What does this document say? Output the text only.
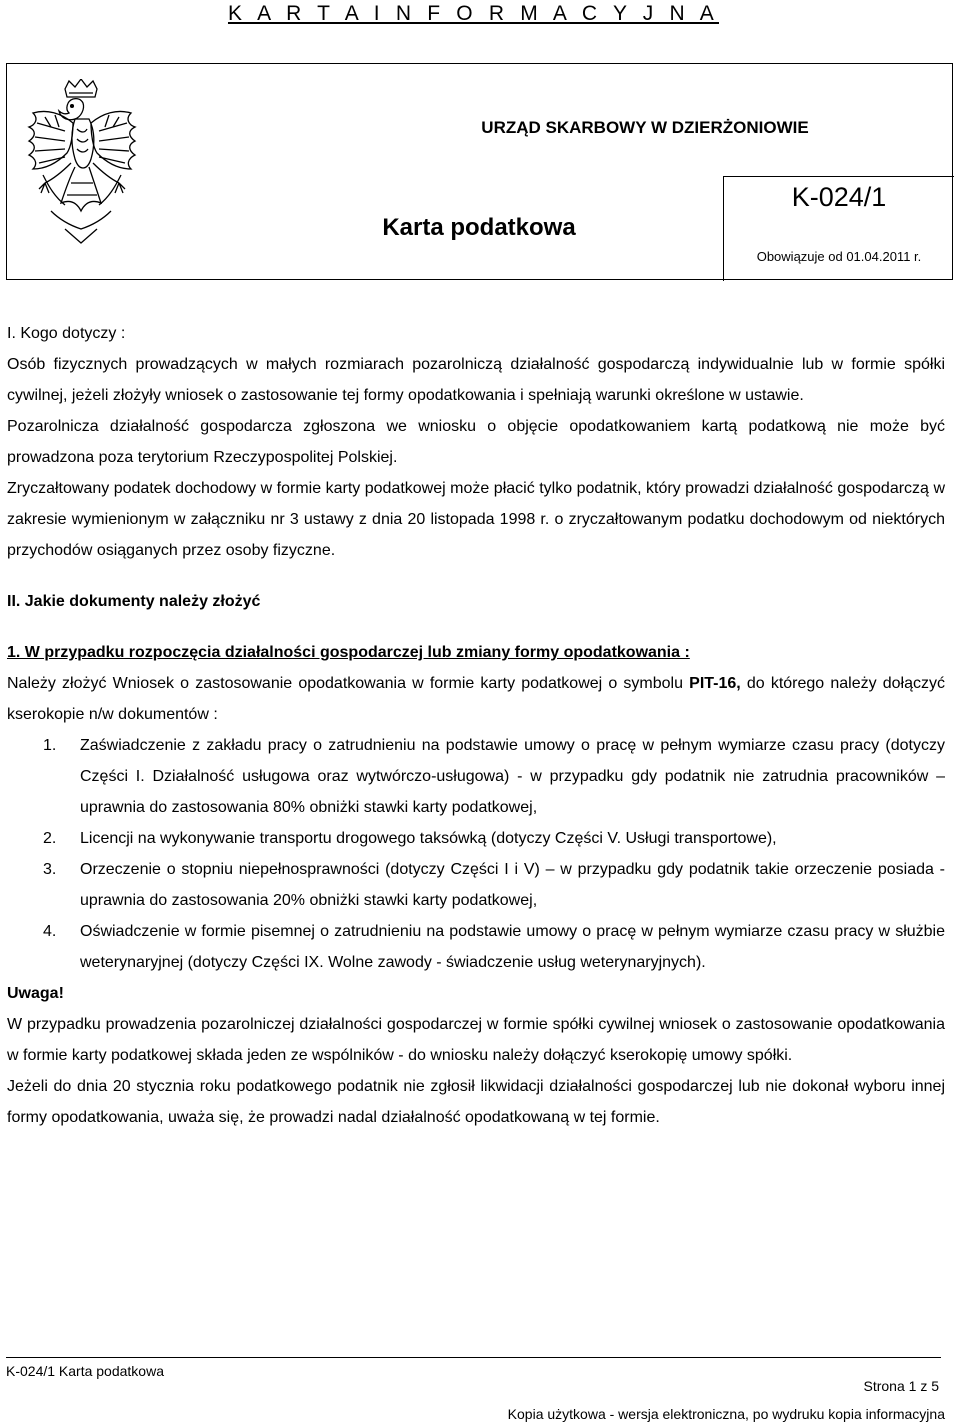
K A R T A I N F O R M A C Y J N A
URZĄD SKARBOWY W DZIERŻONIOWIE
Karta podatkowa
K-024/1
Obowiązuje od 01.04.2011 r.

I. Kogo dotyczy :

Osób fizycznych prowadzących w małych rozmiarach pozarolniczą działalność gospodarczą indywidualnie lub w formie spółki cywilnej, jeżeli złożyły wniosek o zastosowanie tej formy opodatkowania i spełniają warunki określone w ustawie.

Pozarolnicza działalność gospodarcza zgłoszona we wniosku o objęcie opodatkowaniem kartą podatkową nie może być prowadzona poza terytorium Rzeczypospolitej Polskiej.

Zryczałtowany podatek dochodowy w formie karty podatkowej może płacić tylko podatnik, który prowadzi działalność gospodarczą w zakresie wymienionym w załączniku nr 3 ustawy z dnia 20 listopada 1998 r. o zryczałtowanym podatku dochodowym od niektórych przychodów osiąganych przez osoby fizyczne.

II. Jakie dokumenty należy złożyć

1. W przypadku rozpoczęcia działalności gospodarczej lub zmiany formy opodatkowania :

Należy złożyć Wniosek o zastosowanie opodatkowania w formie karty podatkowej o symbolu PIT-16, do którego należy dołączyć kserokopie n/w dokumentów :

1. Zaświadczenie z zakładu pracy o zatrudnieniu na podstawie umowy o pracę w pełnym wymiarze czasu pracy (dotyczy Części I. Działalność usługowa oraz wytwórczo-usługowa) - w przypadku gdy podatnik nie zatrudnia pracowników – uprawnia do zastosowania 80% obniżki stawki karty podatkowej,
2. Licencji na wykonywanie transportu drogowego taksówką (dotyczy Części V. Usługi transportowe),
3. Orzeczenie o stopniu niepełnosprawności (dotyczy Części I i V) – w przypadku gdy podatnik takie orzeczenie posiada - uprawnia do zastosowania 20% obniżki stawki karty podatkowej,
4. Oświadczenie w formie pisemnej o zatrudnieniu na podstawie umowy o pracę w pełnym wymiarze czasu pracy w służbie weterynaryjnej (dotyczy Części IX. Wolne zawody - świadczenie usług weterynaryjnych).

Uwaga!

W przypadku prowadzenia pozarolniczej działalności gospodarczej w formie spółki cywilnej wniosek o zastosowanie opodatkowania w formie karty podatkowej składa jeden ze wspólników - do wniosku należy dołączyć kserokopię umowy spółki.

Jeżeli do dnia 20 stycznia roku podatkowego podatnik nie zgłosił likwidacji działalności gospodarczej lub nie dokonał wyboru innej formy opodatkowania, uważa się, że prowadzi nadal działalność opodatkowaną w tej formie.

K-024/1 Karta podatkowa
Strona 1 z 5
Kopia użytkowa - wersja elektroniczna, po wydruku kopia informacyjna
